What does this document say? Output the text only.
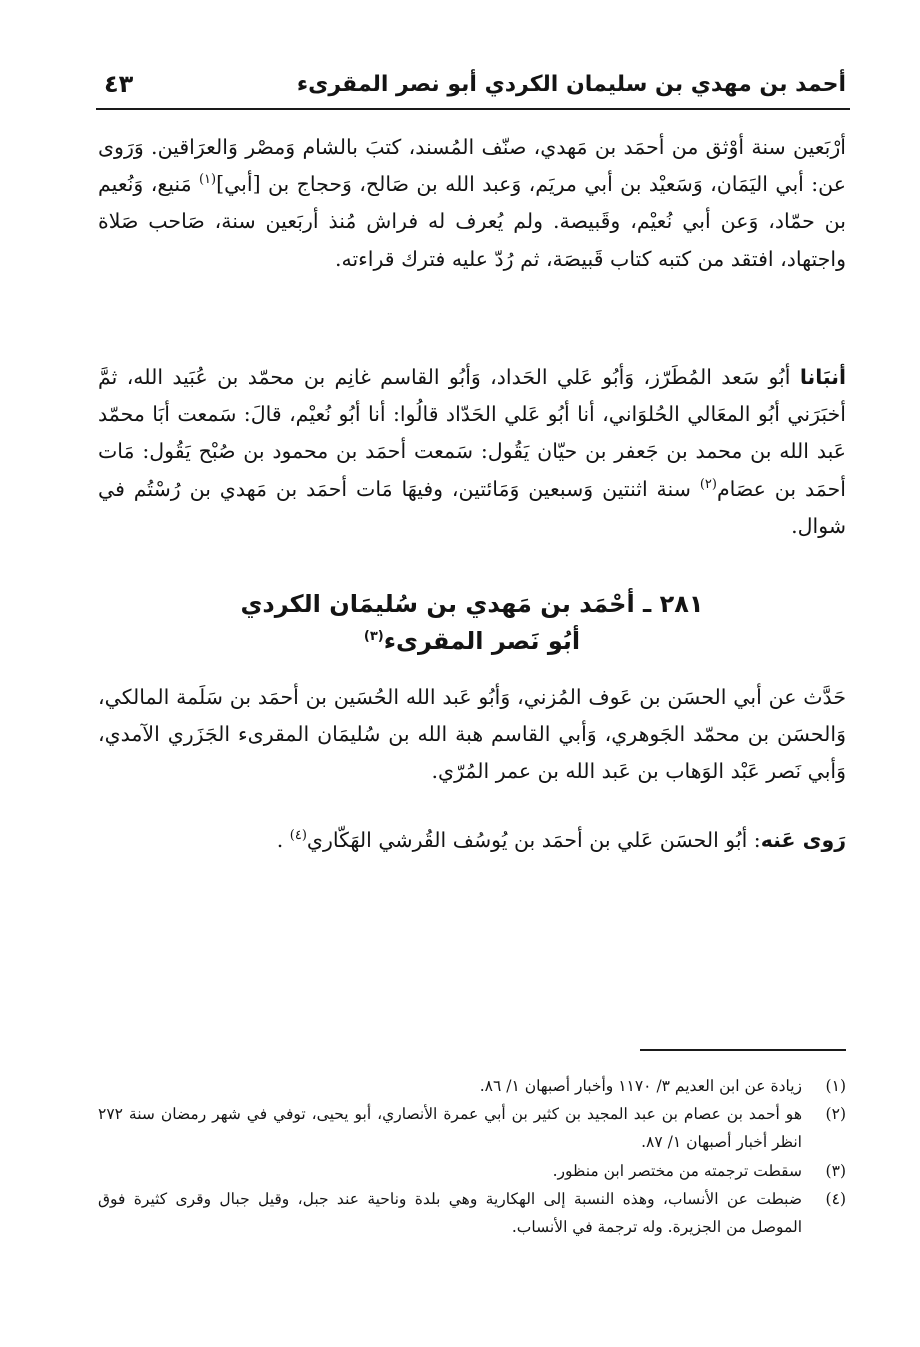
أحمد بن مهدي بن سليمان الكردي أبو نصر المقرىء
٤٣
أرْبَعين سنة أوْثق من أحمَد بن مَهدي، صنّف المُسند، كتبَ بالشام وَمصْر وَالعرَاقين. وَرَوى عن: أبي اليَمَان، وَسَعيْد بن أبي مريَم، وَعبد الله بن صَالح، وَحجاج بن [أبي]$^{(١)}$ مَنيع، وَنُعيم بن حمّاد، وَعن أبي نُعيْم، وقَبيصة. ولم يُعرف له فراش مُنذ أربَعين سنة، صَاحب صَلاة واجتهاد، افتقد من كتبه كتاب قَبيصَة، ثم رُدّ عليه فترك قراءته.
أنبَانا أبُو سَعد المُطَرّز، وَأبُو عَلي الحَداد، وَأبُو القاسم غانِم بن محمّد بن عُبَيد الله، ثمَّ أخبَرَني أبُو المعَالي الحُلوَاني، أنا أبُو عَلي الحَدّاد قالُوا: أنا أبُو نُعيْم، قالَ: سَمعت أبَا محمّد عَبد الله بن محمد بن جَعفر بن حيّان يَقُول: سَمعت أحمَد بن محمود بن صُبْح يَقُول: مَات أحمَد بن عصَام$^{(٢)}$ سنة اثنتين وَسبعين وَمَائتين، وفيهَا مَات أحمَد بن مَهدي بن رُسْتُم في شوال.
٢٨١ ـ أحْمَد بن مَهدي بن سُليمَان الكردي
أبُو نَصر المقرىء$^{(٣)}$
حَدَّث عن أبي الحسَن بن عَوف المُزني، وَأبُو عَبد الله الحُسَين بن أحمَد بن سَلَمة المالكي، وَالحسَن بن محمّد الجَوهري، وَأبي القاسم هبة الله بن سُليمَان المقرىء الجَزَري الآمدي، وَأبي نَصر عَبْد الوَهاب بن عَبد الله بن عمر المُرّي.
رَوى عَنه: أبُو الحسَن عَلي بن أحمَد بن يُوسُف القُرشي الهَكّاري$^{(٤)}$ .
(١)
زيادة عن ابن العديم ٣/ ١١٧٠ وأخبار أصبهان ١/ ٨٦.
(٢)
هو أحمد بن عصام بن عبد المجيد بن كثير بن أبي عمرة الأنصاري، أبو يحيى، توفي في شهر رمضان سنة ٢٧٢ انظر أخبار أصبهان ١/ ٨٧.
(٣)
سقطت ترجمته من مختصر ابن منظور.
(٤)
ضبطت عن الأنساب، وهذه النسبة إلى الهكارية وهي بلدة وناحية عند جبل، وقيل جبال وقرى كثيرة فوق الموصل من الجزيرة. وله ترجمة في الأنساب.
